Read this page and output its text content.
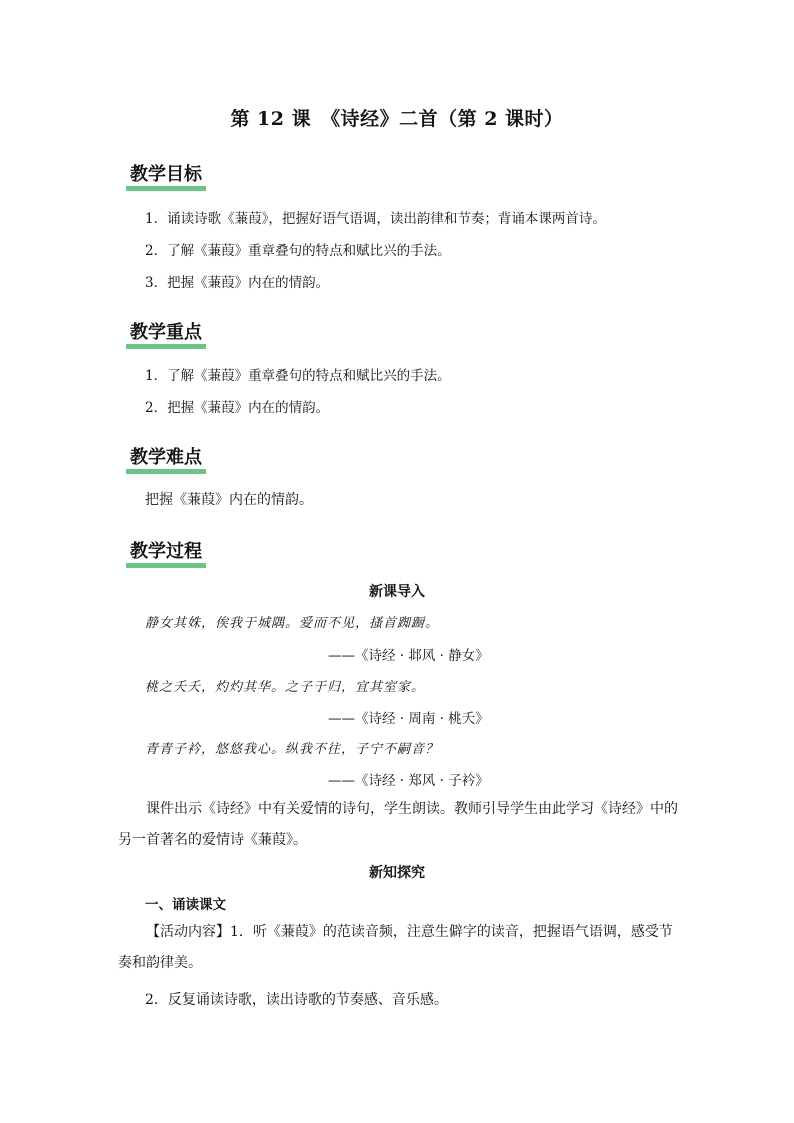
第 12 课　《诗经》二首（第 2 课时）
教学目标
1．诵读诗歌《蒹葭》，把握好语气语调，读出韵律和节奏；背诵本课两首诗。
2．了解《蒹葭》重章叠句的特点和赋比兴的手法。
3．把握《蒹葭》内在的情韵。
教学重点
1．了解《蒹葭》重章叠句的特点和赋比兴的手法。
2．把握《蒹葭》内在的情韵。
教学难点
把握《蒹葭》内在的情韵。
教学过程
新课导入
静女其姝，俟我于城隅。爱而不见，搔首踟蹰。
——《诗经 · 邶风 · 静女》
桃之夭夭，灼灼其华。之子于归，宜其室家。
——《诗经 · 周南 · 桃夭》
青青子衿，悠悠我心。纵我不往，子宁不嗣音？
——《诗经 · 郑风 · 子衿》
课件出示《诗经》中有关爱情的诗句，学生朗读。教师引导学生由此学习《诗经》中的另一首著名的爱情诗《蒹葭》。
新知探究
一、诵读课文
【活动内容】1．听《蒹葭》的范读音频，注意生僻字的读音，把握语气语调，感受节奏和韵律美。
2．反复诵读诗歌，读出诗歌的节奏感、音乐感。
